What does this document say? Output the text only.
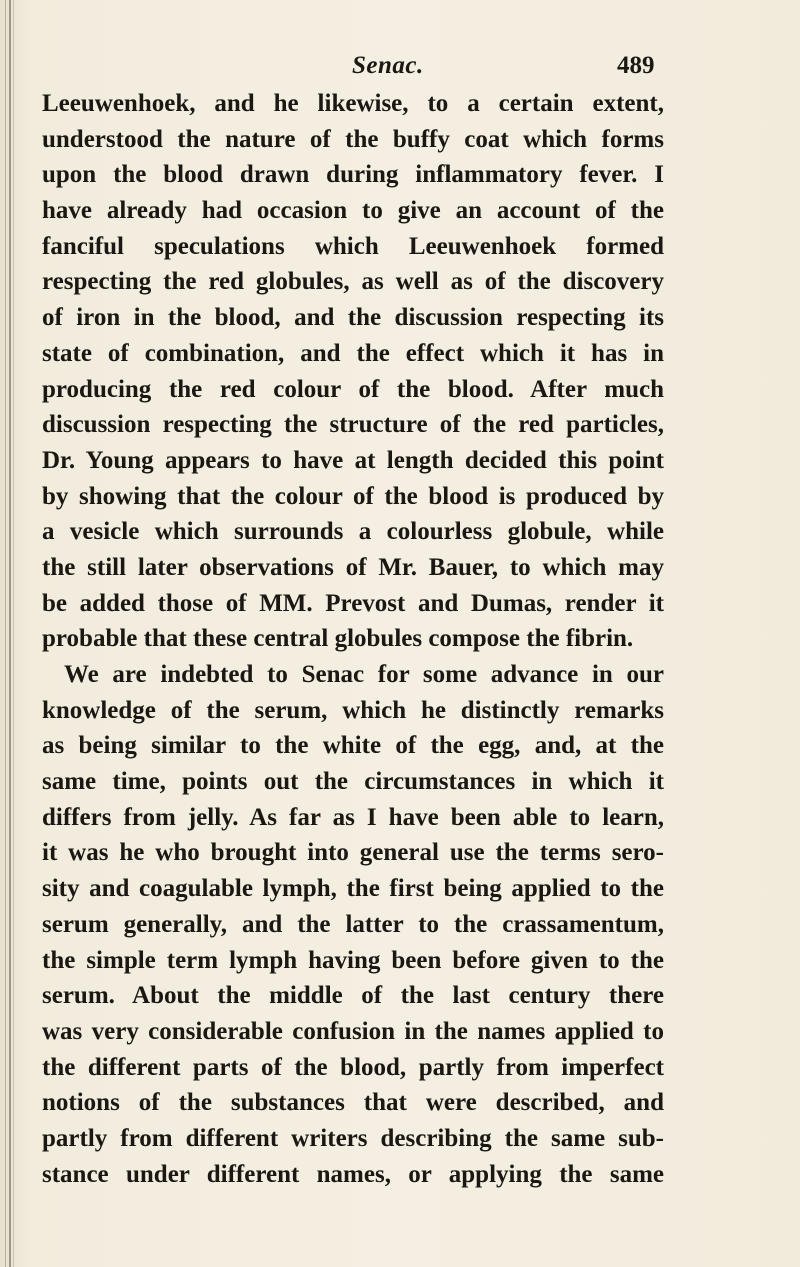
Senac.	489
Leeuwenhoek, and he likewise, to a certain extent,
understood the nature of the buffy coat which forms
upon the blood drawn during inflammatory fever. I
have already had occasion to give an account of the
fanciful speculations which Leeuwenhoek formed
respecting the red globules, as well as of the discovery
of iron in the blood, and the discussion respecting its
state of combination, and the effect which it has in
producing the red colour of the blood. After much
discussion respecting the structure of the red particles,
Dr. Young appears to have at length decided this point
by showing that the colour of the blood is produced by
a vesicle which surrounds a colourless globule, while
the still later observations of Mr. Bauer, to which may
be added those of MM. Prevost and Dumas, render it
probable that these central globules compose the fibrin.
We are indebted to Senac for some advance in our
knowledge of the serum, which he distinctly remarks
as being similar to the white of the egg, and, at the
same time, points out the circumstances in which it
differs from jelly. As far as I have been able to learn,
it was he who brought into general use the terms sero-
sity and coagulable lymph, the first being applied to the
serum generally, and the latter to the crassamentum,
the simple term lymph having been before given to the
serum. About the middle of the last century there
was very considerable confusion in the names applied to
the different parts of the blood, partly from imperfect
notions of the substances that were described, and
partly from different writers describing the same sub-
stance under different names, or applying the same
